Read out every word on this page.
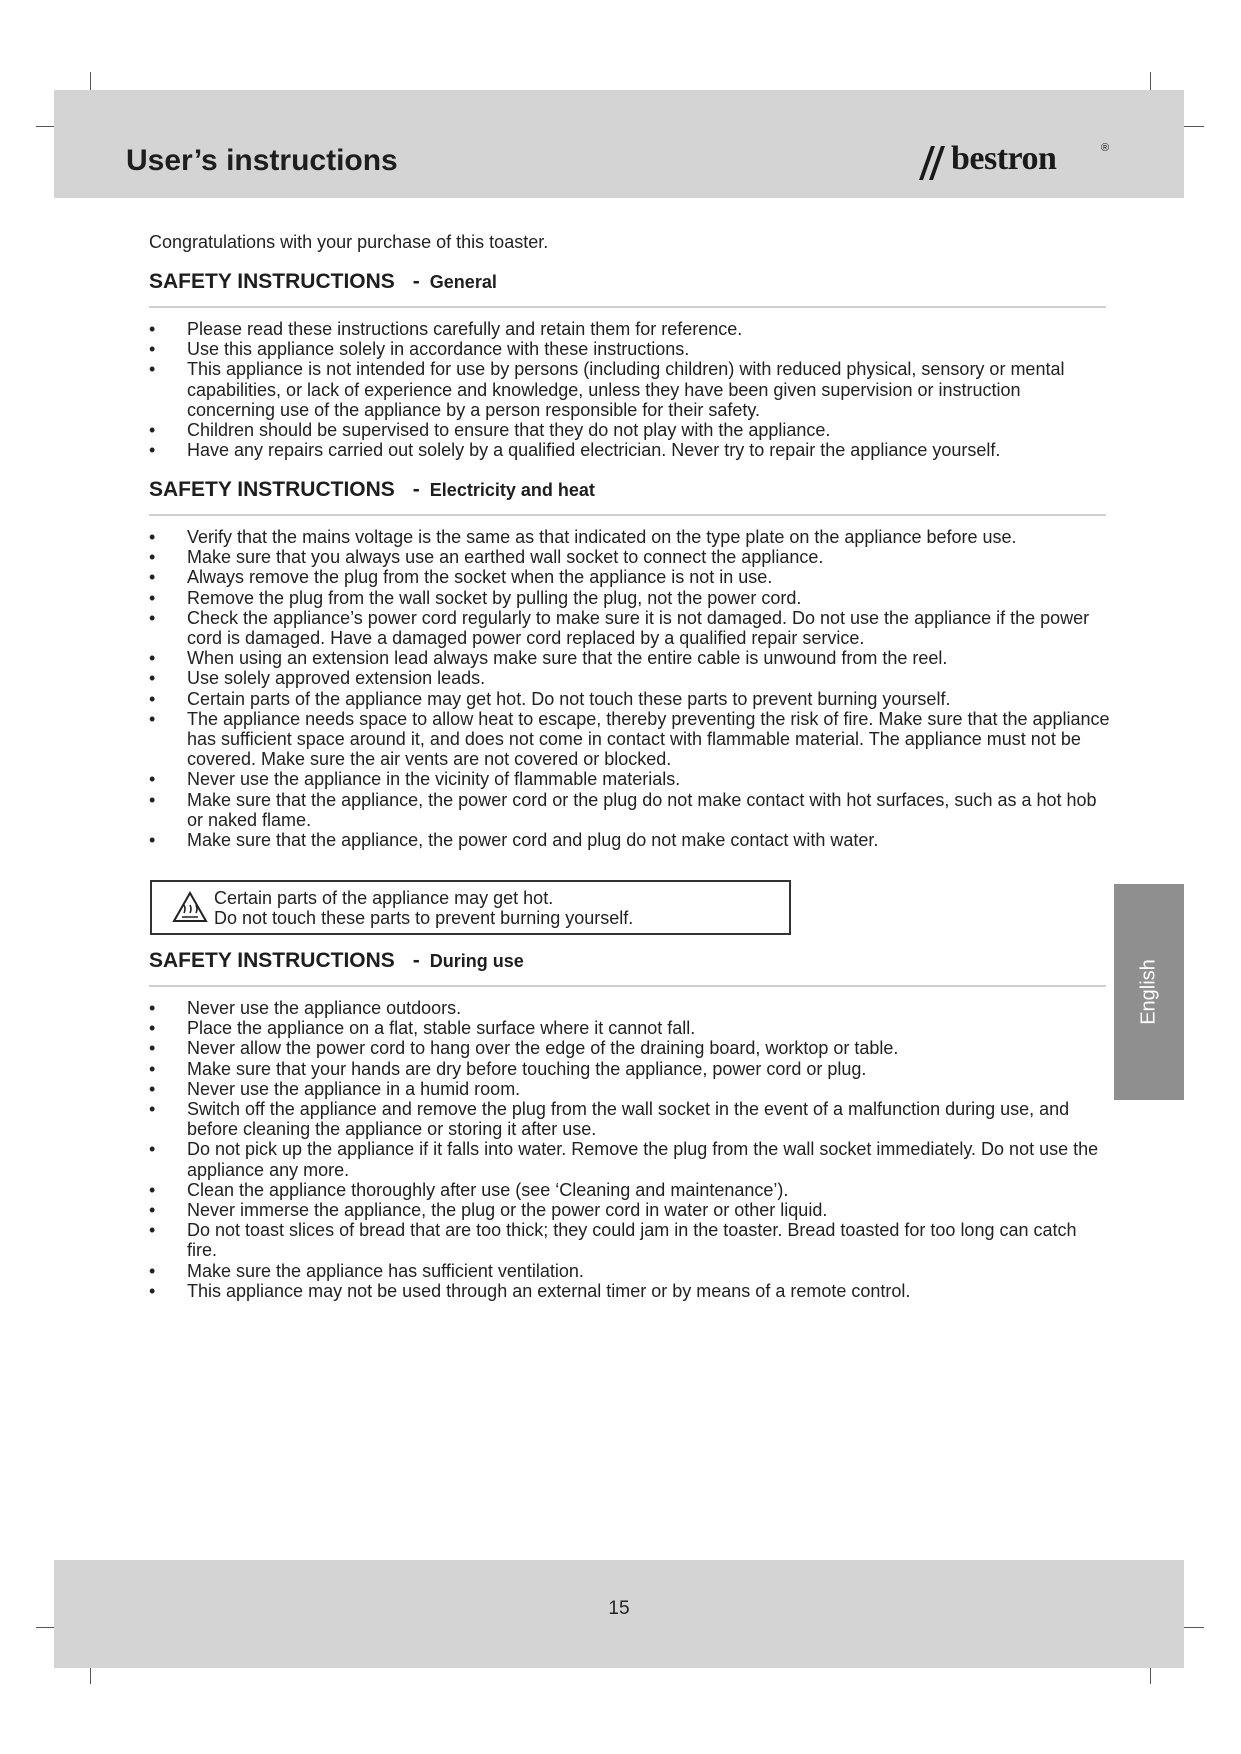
User’s instructions	bestron	®
Congratulations with your purchase of this toaster.
SAFETY INSTRUCTIONS - General
• Please read these instructions carefully and retain them for reference.
• Use this appliance solely in accordance with these instructions.
• This appliance is not intended for use by persons (including children) with reduced physical, sensory or mental capabilities, or lack of experience and knowledge, unless they have been given supervision or instruction concerning use of the appliance by a person responsible for their safety.
• Children should be supervised to ensure that they do not play with the appliance.
• Have any repairs carried out solely by a qualified electrician. Never try to repair the appliance yourself.
SAFETY INSTRUCTIONS - Electricity and heat
• Verify that the mains voltage is the same as that indicated on the type plate on the appliance before use.
• Make sure that you always use an earthed wall socket to connect the appliance.
• Always remove the plug from the socket when the appliance is not in use.
• Remove the plug from the wall socket by pulling the plug, not the power cord.
• Check the appliance’s power cord regularly to make sure it is not damaged. Do not use the appliance if the power cord is damaged. Have a damaged power cord replaced by a qualified repair service.
• When using an extension lead always make sure that the entire cable is unwound from the reel.
• Use solely approved extension leads.
• Certain parts of the appliance may get hot. Do not touch these parts to prevent burning yourself.
• The appliance needs space to allow heat to escape, thereby preventing the risk of fire. Make sure that the appliance has sufficient space around it, and does not come in contact with flammable material. The appliance must not be covered. Make sure the air vents are not covered or blocked.
• Never use the appliance in the vicinity of flammable materials.
• Make sure that the appliance, the power cord or the plug do not make contact with hot surfaces, such as a hot hob or naked flame.
• Make sure that the appliance, the power cord and plug do not make contact with water.
Certain parts of the appliance may get hot.
Do not touch these parts to prevent burning yourself.
SAFETY INSTRUCTIONS - During use
• Never use the appliance outdoors.
• Place the appliance on a flat, stable surface where it cannot fall.
• Never allow the power cord to hang over the edge of the draining board, worktop or table.
• Make sure that your hands are dry before touching the appliance, power cord or plug.
• Never use the appliance in a humid room.
• Switch off the appliance and remove the plug from the wall socket in the event of a malfunction during use, and before cleaning the appliance or storing it after use.
• Do not pick up the appliance if it falls into water. Remove the plug from the wall socket immediately. Do not use the appliance any more.
• Clean the appliance thoroughly after use (see ‘Cleaning and maintenance’).
• Never immerse the appliance, the plug or the power cord in water or other liquid.
• Do not toast slices of bread that are too thick; they could jam in the toaster. Bread toasted for too long can catch fire.
• Make sure the appliance has sufficient ventilation.
• This appliance may not be used through an external timer or by means of a remote control.
English
15
